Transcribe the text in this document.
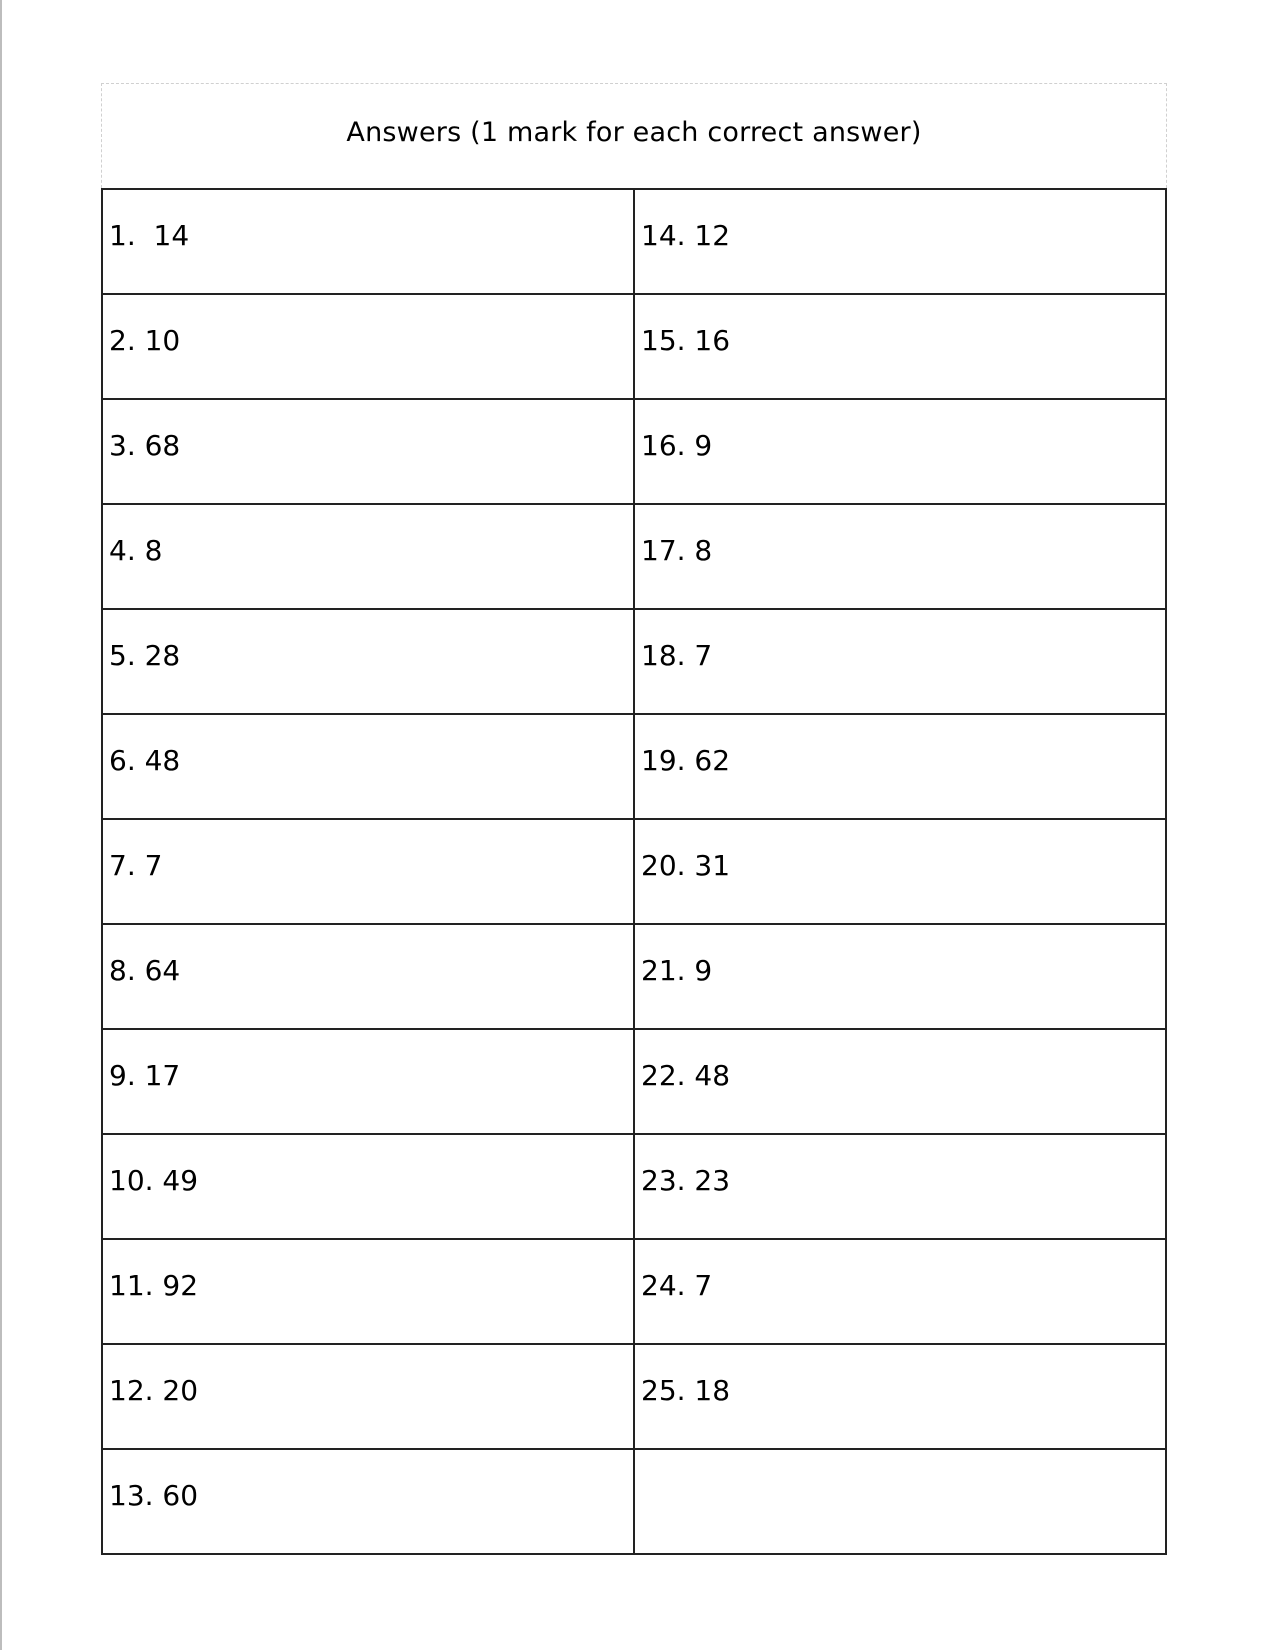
Answers (1 mark for each correct answer)
1.  14	14. 12
2. 10	15. 16
3. 68	16. 9
4. 8	17. 8
5. 28	18. 7
6. 48	19. 62
7. 7	20. 31
8. 64	21. 9
9. 17	22. 48
10. 49	23. 23
11. 92	24. 7
12. 20	25. 18
13. 60	
